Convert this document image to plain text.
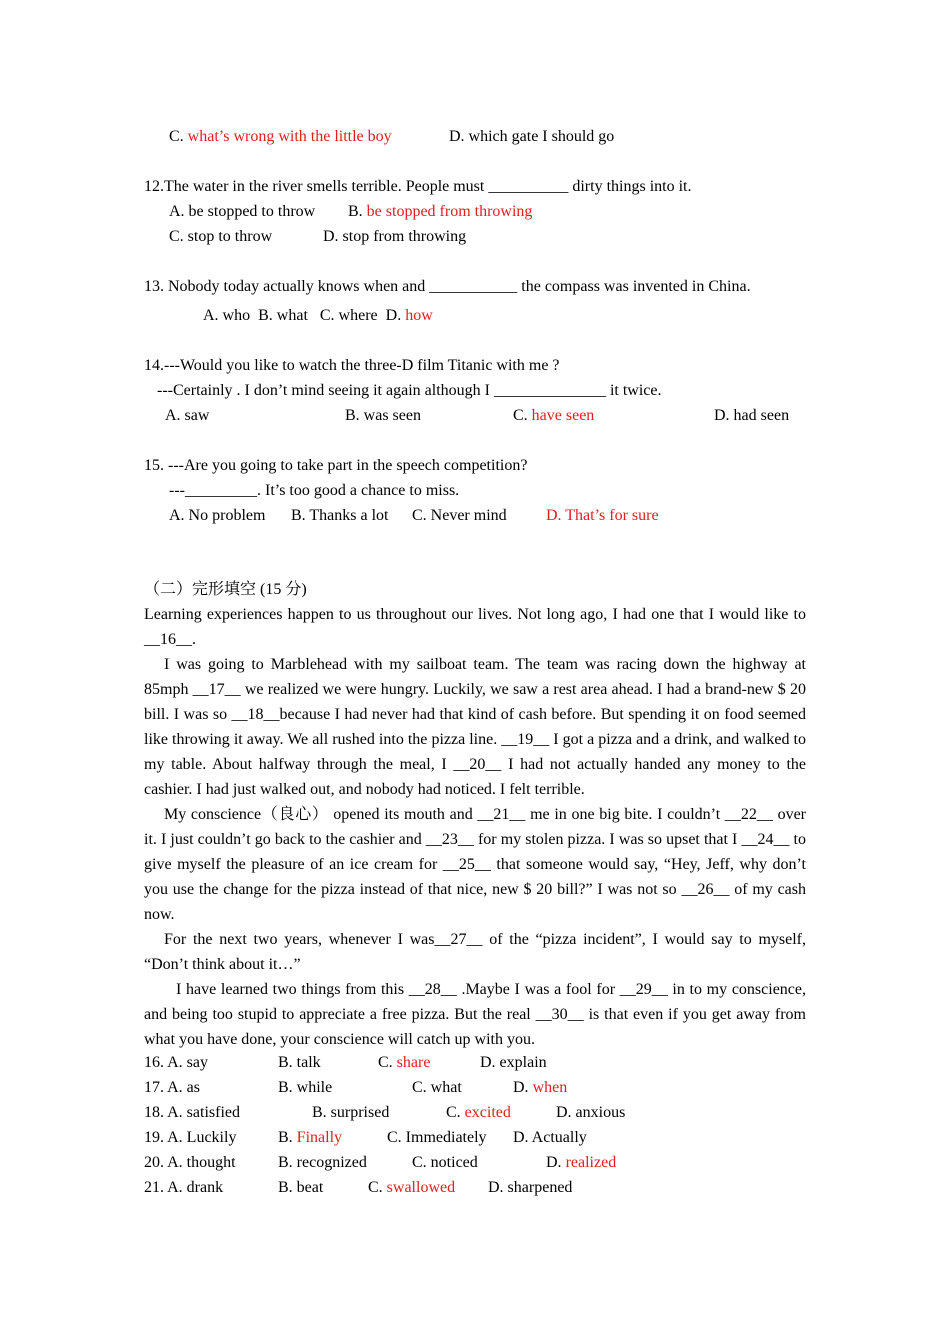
C. what’s wrong with the little boy	D. which gate I should go
12.The water in the river smells terrible. People must __________ dirty things into it.
A. be stopped to throw B. be stopped from throwing
C. stop to throw	D. stop from throwing
13. Nobody today actually knows when and ___________ the compass was invented in China.
A. who  B. what   C. where  D. how
14.---Would you like to watch the three-D film Titanic with me ?
---Certainly . I don’t mind seeing it again although I ______________ it twice.
A. saw	B. was seen	C. have seen	D. had seen
15. ---Are you going to take part in the speech competition?
---_________. It’s too good a chance to miss.
A. No problem B. Thanks a lot C. Never mind D. That’s for sure
（二）完形填空 (15 分)

Learning experiences happen to us throughout our lives. Not long ago, I had one that I would like to __16__.

I was going to Marblehead with my sailboat team. The team was racing down the highway at 85mph __17__ we realized we were hungry. Luckily, we saw a rest area ahead. I had a brand-new $ 20 bill. I was so __18__because I had never had that kind of cash before. But spending it on food seemed like throwing it away. We all rushed into the pizza line. __19__ I got a pizza and a drink, and walked to my table. About halfway through the meal, I __20__ I had not actually handed any money to the cashier. I had just walked out, and nobody had noticed. I felt terrible.

My conscience（良心） opened its mouth and __21__ me in one big bite. I couldn’t __22__ over it. I just couldn’t go back to the cashier and __23__ for my stolen pizza. I was so upset that I __24__ to give myself the pleasure of an ice cream for __25__ that someone would say, “Hey, Jeff, why don’t you use the change for the pizza instead of that nice, new $ 20 bill?” I was not so __26__ of my cash now.

For the next two years, whenever I was__27__ of the “pizza incident”, I would say to myself, “Don’t think about it…”

I have learned two things from this __28__ .Maybe I was a fool for __29__ in to my conscience, and being too stupid to appreciate a free pizza. But the real __30__ is that even if you get away from what you have done, your conscience will catch up with you.

16. A. say	B. talk	C. share	D. explain
17. A. as	B. while	C. what	D. when
18. A. satisfied	B. surprised	C. excited	D. anxious
19. A. Luckily	B. Finally	C. Immediately D. Actually
20. A. thought	B. recognized	C. noticed	D. realized
21. A. drank	B. beat	C. swallowed D. sharpened
